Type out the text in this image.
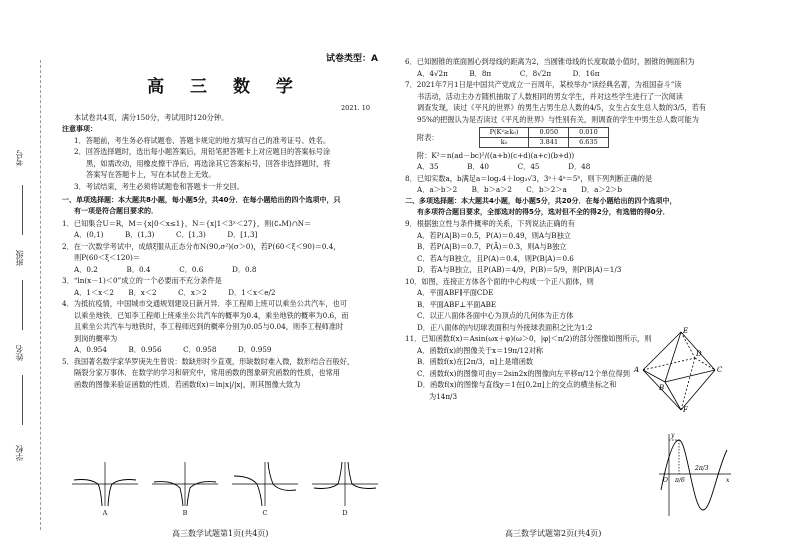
考号
班级
姓名
学校
试卷类型：A
高 三 数 学
2021. 10
本试卷共4页，满分150分，考试用时120分钟。
注意事项：
1．答题前，考生务必将试题卷、答题卡规定的地方填写自己的准考证号、姓名。
2．回答选择题时，选出每小题答案后，用铅笔把答题卡上对应题目的答案标号涂
黑，如需改动，用橡皮擦干净后，再选涂其它答案标号，回答非选择题时，将
答案写在答题卡上，写在本试卷上无效。
3．考试结束，考生必须将试题卷和答题卡一并交回。
一、单项选择题：本大题共8小题，每小题5分，共40分．在每小题给出的四个选项中，只
有一项是符合题目要求的．
1．已知集合U＝R，M＝{x|0＜x≤1}，N＝{x|1＜3ˣ＜27}，则(∁ᵤM)∩N＝
A．(0,1)　　　B．(1,3)　　　C．[1,3)　　　D．[1,3]
2．在一次数学考试中，成绩ξ服从正态分布N(90,σ²)(σ＞0)，若P(60＜ξ＜90)＝0.4，
则P(60＜ξ＜120)＝
A．0.2　　　　B．0.4　　　　C．0.6　　　　D．0.8
3．“ln(x－1)＜0”成立的一个必要而不充分条件是
A．1＜x＜2　　B．x＜2　　　C．x＞2　　　D．1＜x＜e/2
4．为抵抗疫情，中国城市交通规划建设日新月异．李工程师上班可以乘坐公共汽车，也可
以乘坐地铁．已知李工程师上班乘坐公共汽车的概率为0.4，乘坐地铁的概率为0.6，而
且乘坐公共汽车与地铁时，李工程师迟到的概率分别为0.05与0.04，则李工程师准时
到岗的概率为
A．0.954　　　B．0.956　　　C．0.958　　　D．0.959
5．我国著名数学家华罗庚先生曾说：数缺形时少直观，形缺数时难入微，数形结合百般好，
隔裂分家万事休．在数学的学习和研究中，常用函数的图象研究函数的性质，也常用
函数的图像来验证函数的性质．若函数f(x)＝ln|x|/|x|，则其图像大致为
A	B	C	D
高三数学试题第1页(共4页)
6．已知圆锥的底面圆心到母线的距离为2，当圆锥母线的长度取最小值时，圆锥的侧面积为
A．4√2π　　　B．8π　　　　C．8√2π　　　D．16π
7．2021年7月1日是中国共产党成立一百周年，某校举办“读经典名著，为祖国奋斗”读
书活动，活动主办方随机抽取了人数相同的男女学生，并对这些学生进行了一次阅读
调查发现，读过《平凡的世界》的男生占男生总人数的4/5，女生占女生总人数的3/5，若有
95%的把握认为是否读过《平凡的世界》与性别有关，则调查的学生中男生总人数可能为
附表：
P(K²≥k₀)	0.050	0.010
k₀	3.841	6.635
附：K²＝n(ad－bc)²/((a+b)(c+d)(a+c)(b+d))
A．35　　　　B．40　　　　C．45　　　　D．48
8．已知实数a，b满足a＝log₂4＋log₃√3，3ᵃ＋4ᵃ＝5ᵇ，则下列判断正确的是
A．a＞b＞2　　B．b＞a＞2　　C．b＞2＞a　　D．a＞2＞b
二、多项选择题：本大题共4小题，每小题5分，共20分．在每小题给出的四个选项中，
有多项符合题目要求，全部选对的得5分，选对但不全的得2分，有选错的得0分．
9．根据独立性与条件概率的关系，下列说法正确的有
A．若P(A|B)＝0.5，P(A)＝0.49，则A与B独立
B．若P(A|B)＝0.7，P(Ā)＝0.3，则A与B独立
C．若A与B独立，且P(A)＝0.4，则P(B|A)＝0.6
D．若A与B独立，且P(AB)＝4/9，P(B)＝5/9，则P(B|A)＝1/3
10．如图，连接正方体各个面的中心构成一个正八面体，则
A．平面ABF∥平面CDE
B．平面ABF⊥平面ABE
C．以正八面体各面中心为顶点的几何体为正方体
D．正八面体的内切球表面积与外接球表面积之比为1:2
11．已知函数f(x)＝Asin(ωx＋φ)(ω＞0，|φ|＜π/2)的部分图像如图所示，则
A．函数f(x)的图像关于x＝19π/12对称
B．函数f(x)在[2π/3，π]上是增函数
C．函数f(x)的图像可由y＝2sin2x的图像向左平移π/12个单位得到
D．函数f(x)的图像与直线y＝1在[0,2π]上的交点的横坐标之和
为14π/3
高三数学试题第2页(共4页)
E
A
B
D
C
F
y
O π/6
2π/3
x
